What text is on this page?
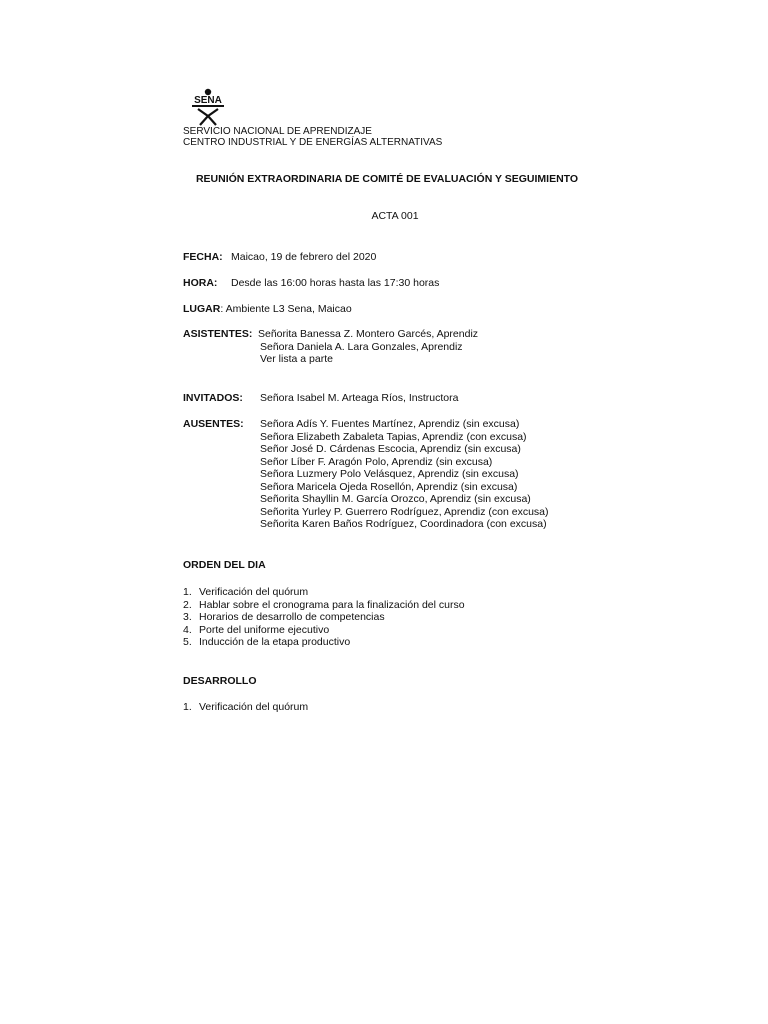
SENA
SERVICIO NACIONAL DE APRENDIZAJE
CENTRO INDUSTRIAL Y DE ENERGÍAS ALTERNATIVAS
REUNIÓN EXTRAORDINARIA DE COMITÉ DE EVALUACIÓN Y SEGUIMIENTO
ACTA 001
FECHA: Maicao, 19 de febrero del 2020
HORA:	Desde las 16:00 horas hasta las 17:30 horas
LUGAR : Ambiente L3 Sena, Maicao
ASISTENTES: Señorita Banessa Z. Montero Garcés, Aprendiz
Señora Daniela A. Lara Gonzales, Aprendiz
Ver lista a parte
INVITADOS:	Señora Isabel M. Arteaga Ríos, Instructora
AUSENTES:	Señora Adís Y. Fuentes Martínez, Aprendiz (sin excusa)
Señora Elizabeth Zabaleta Tapias, Aprendiz (con excusa)
Señor José D. Cárdenas Escocia, Aprendiz (sin excusa)
Señor Líber F. Aragón Polo, Aprendiz (sin excusa)
Señora Luzmery Polo Velásquez, Aprendiz (sin excusa)
Señora Maricela Ojeda Rosellón, Aprendiz (sin excusa)
Señorita Shayllin M. García Orozco, Aprendiz (sin excusa)
Señorita Yurley P. Guerrero Rodríguez, Aprendiz (con excusa)
Señorita Karen Baños Rodríguez, Coordinadora (con excusa)
ORDEN DEL DIA
1. Verificación del quórum
2. Hablar sobre el cronograma para la finalización del curso
3. Horarios de desarrollo de competencias
4. Porte del uniforme ejecutivo
5. Inducción de la etapa productivo
DESARROLLO
1. Verificación del quórum
